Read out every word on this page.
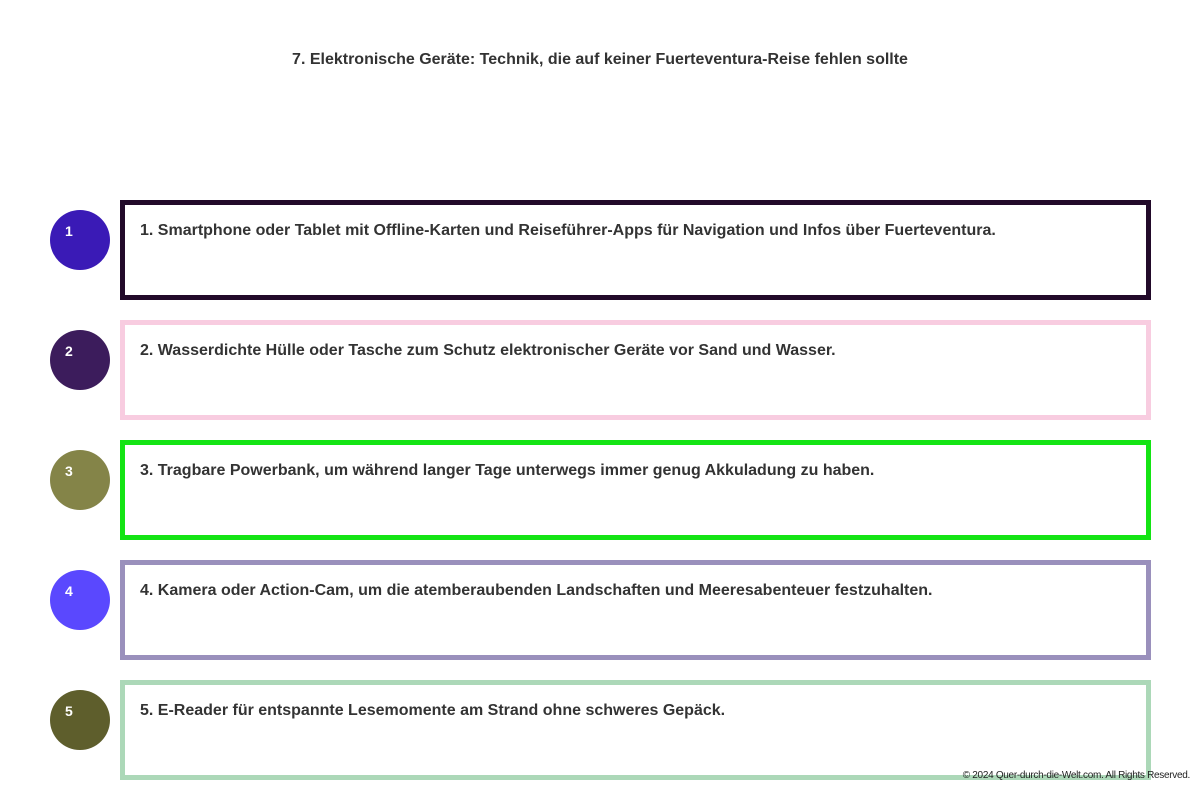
7. Elektronische Geräte: Technik, die auf keiner Fuerteventura-Reise fehlen sollte
1	1. Smartphone oder Tablet mit Offline-Karten und Reiseführer-Apps für Navigation und Infos über Fuerteventura.
2	2. Wasserdichte Hülle oder Tasche zum Schutz elektronischer Geräte vor Sand und Wasser.
3	3. Tragbare Powerbank, um während langer Tage unterwegs immer genug Akkuladung zu haben.
4	4. Kamera oder Action-Cam, um die atemberaubenden Landschaften und Meeresabenteuer festzuhalten.
5	5. E-Reader für entspannte Lesemomente am Strand ohne schweres Gepäck.
© 2024 Quer-durch-die-Welt.com. All Rights Reserved.
